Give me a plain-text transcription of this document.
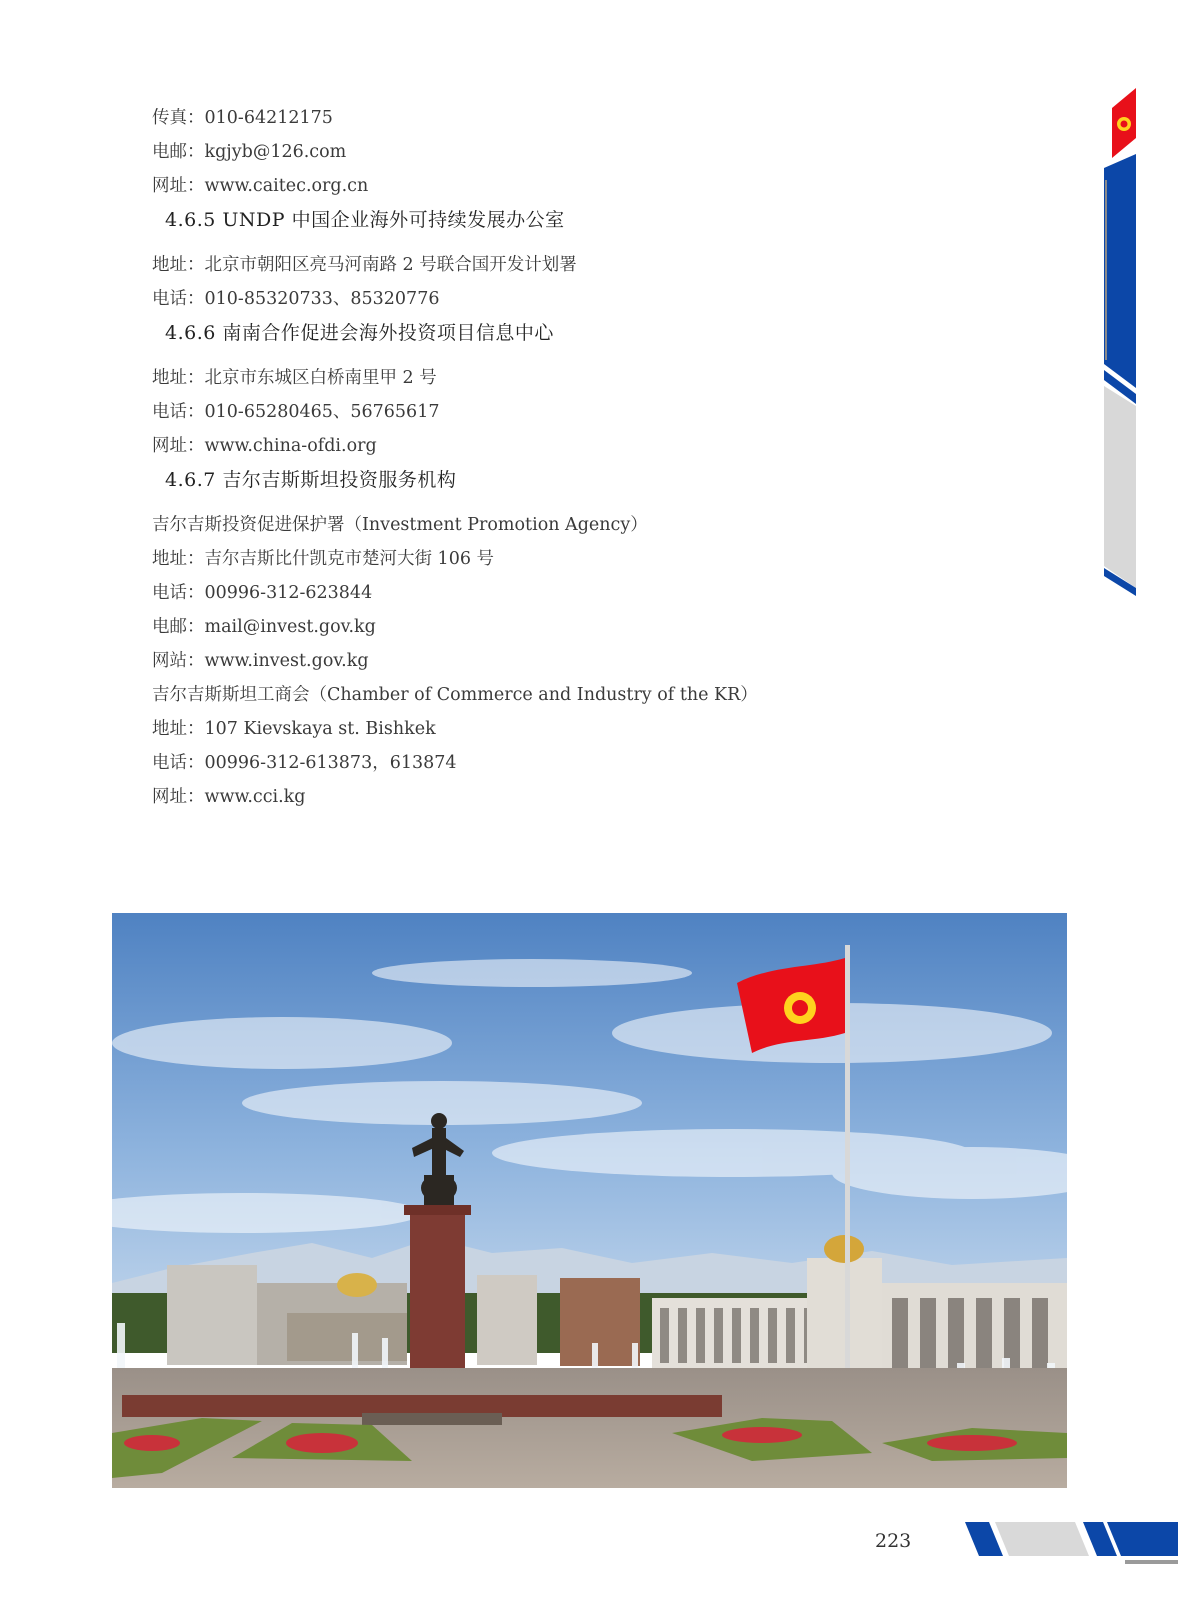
传真：010-64212175
电邮：kgjyb@126.com
网址：www.caitec.org.cn
4.6.5 UNDP 中国企业海外可持续发展办公室
地址：北京市朝阳区亮马河南路 2 号联合国开发计划署
电话：010-85320733、85320776
4.6.6 南南合作促进会海外投资项目信息中心
地址：北京市东城区白桥南里甲 2 号
电话：010-65280465、56765617
网址：www.china-ofdi.org
4.6.7 吉尔吉斯斯坦投资服务机构
吉尔吉斯投资促进保护署（Investment Promotion Agency）
地址：吉尔吉斯比什凯克市楚河大街 106 号
电话：00996-312-623844
电邮：mail@invest.gov.kg
网站：www.invest.gov.kg
吉尔吉斯斯坦工商会（Chamber of Commerce and Industry of the KR）
地址：107 Kievskaya st. Bishkek
电话：00996-312-613873，613874
网址：www.cci.kg
223
